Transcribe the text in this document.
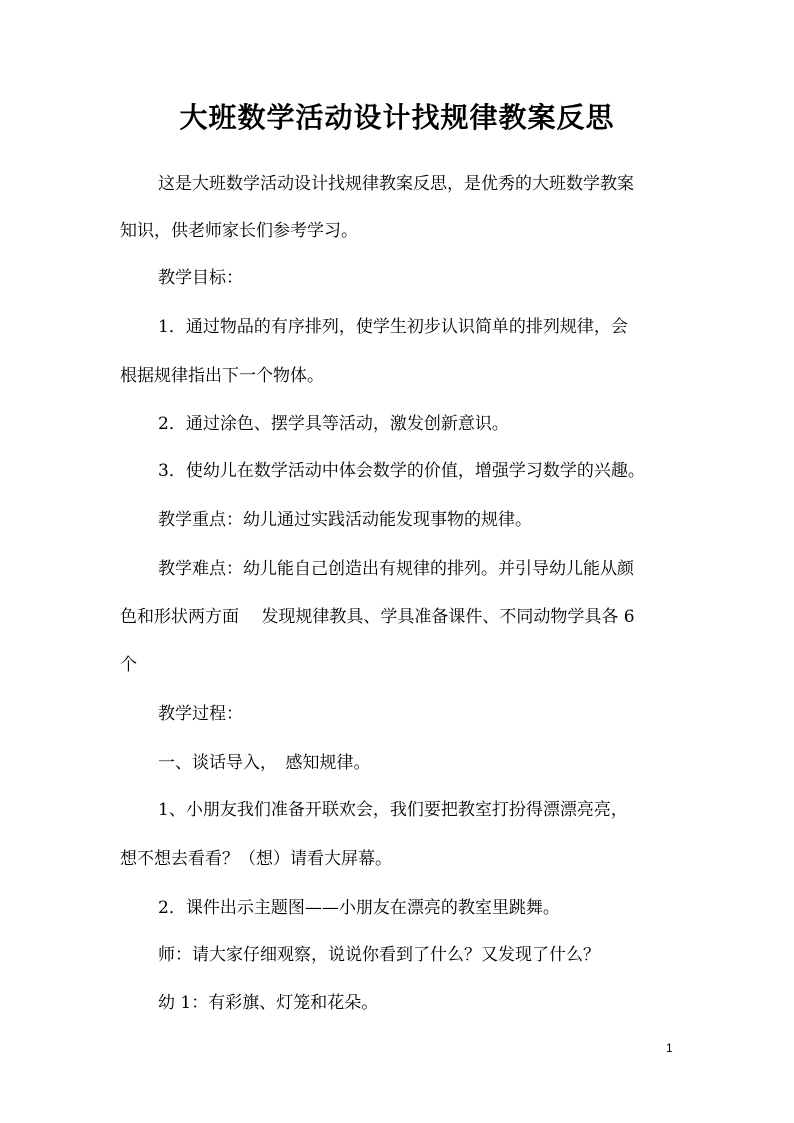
大班数学活动设计找规律教案反思

这是大班数学活动设计找规律教案反思，是优秀的大班数学教案

知识，供老师家长们参考学习。

教学目标：

1．通过物品的有序排列，使学生初步认识简单的排列规律，会

根据规律指出下一个物体。

2．通过涂色、摆学具等活动，激发创新意识。

3．使幼儿在数学活动中体会数学的价值，增强学习数学的兴趣。

教学重点：幼儿通过实践活动能发现事物的规律。

教学难点：幼儿能自己创造出有规律的排列。并引导幼儿能从颜

色和形状两方面 　发现规律教具、学具准备课件、不同动物学具各 6

个

教学过程：

一、谈话导入，　感知规律。

1、小朋友我们准备开联欢会，我们要把教室打扮得漂漂亮亮，

想不想去看看？（想）请看大屏幕。

2．课件出示主题图——小朋友在漂亮的教室里跳舞。

师：请大家仔细观察，说说你看到了什么？又发现了什么？

幼 1：有彩旗、灯笼和花朵。

1
